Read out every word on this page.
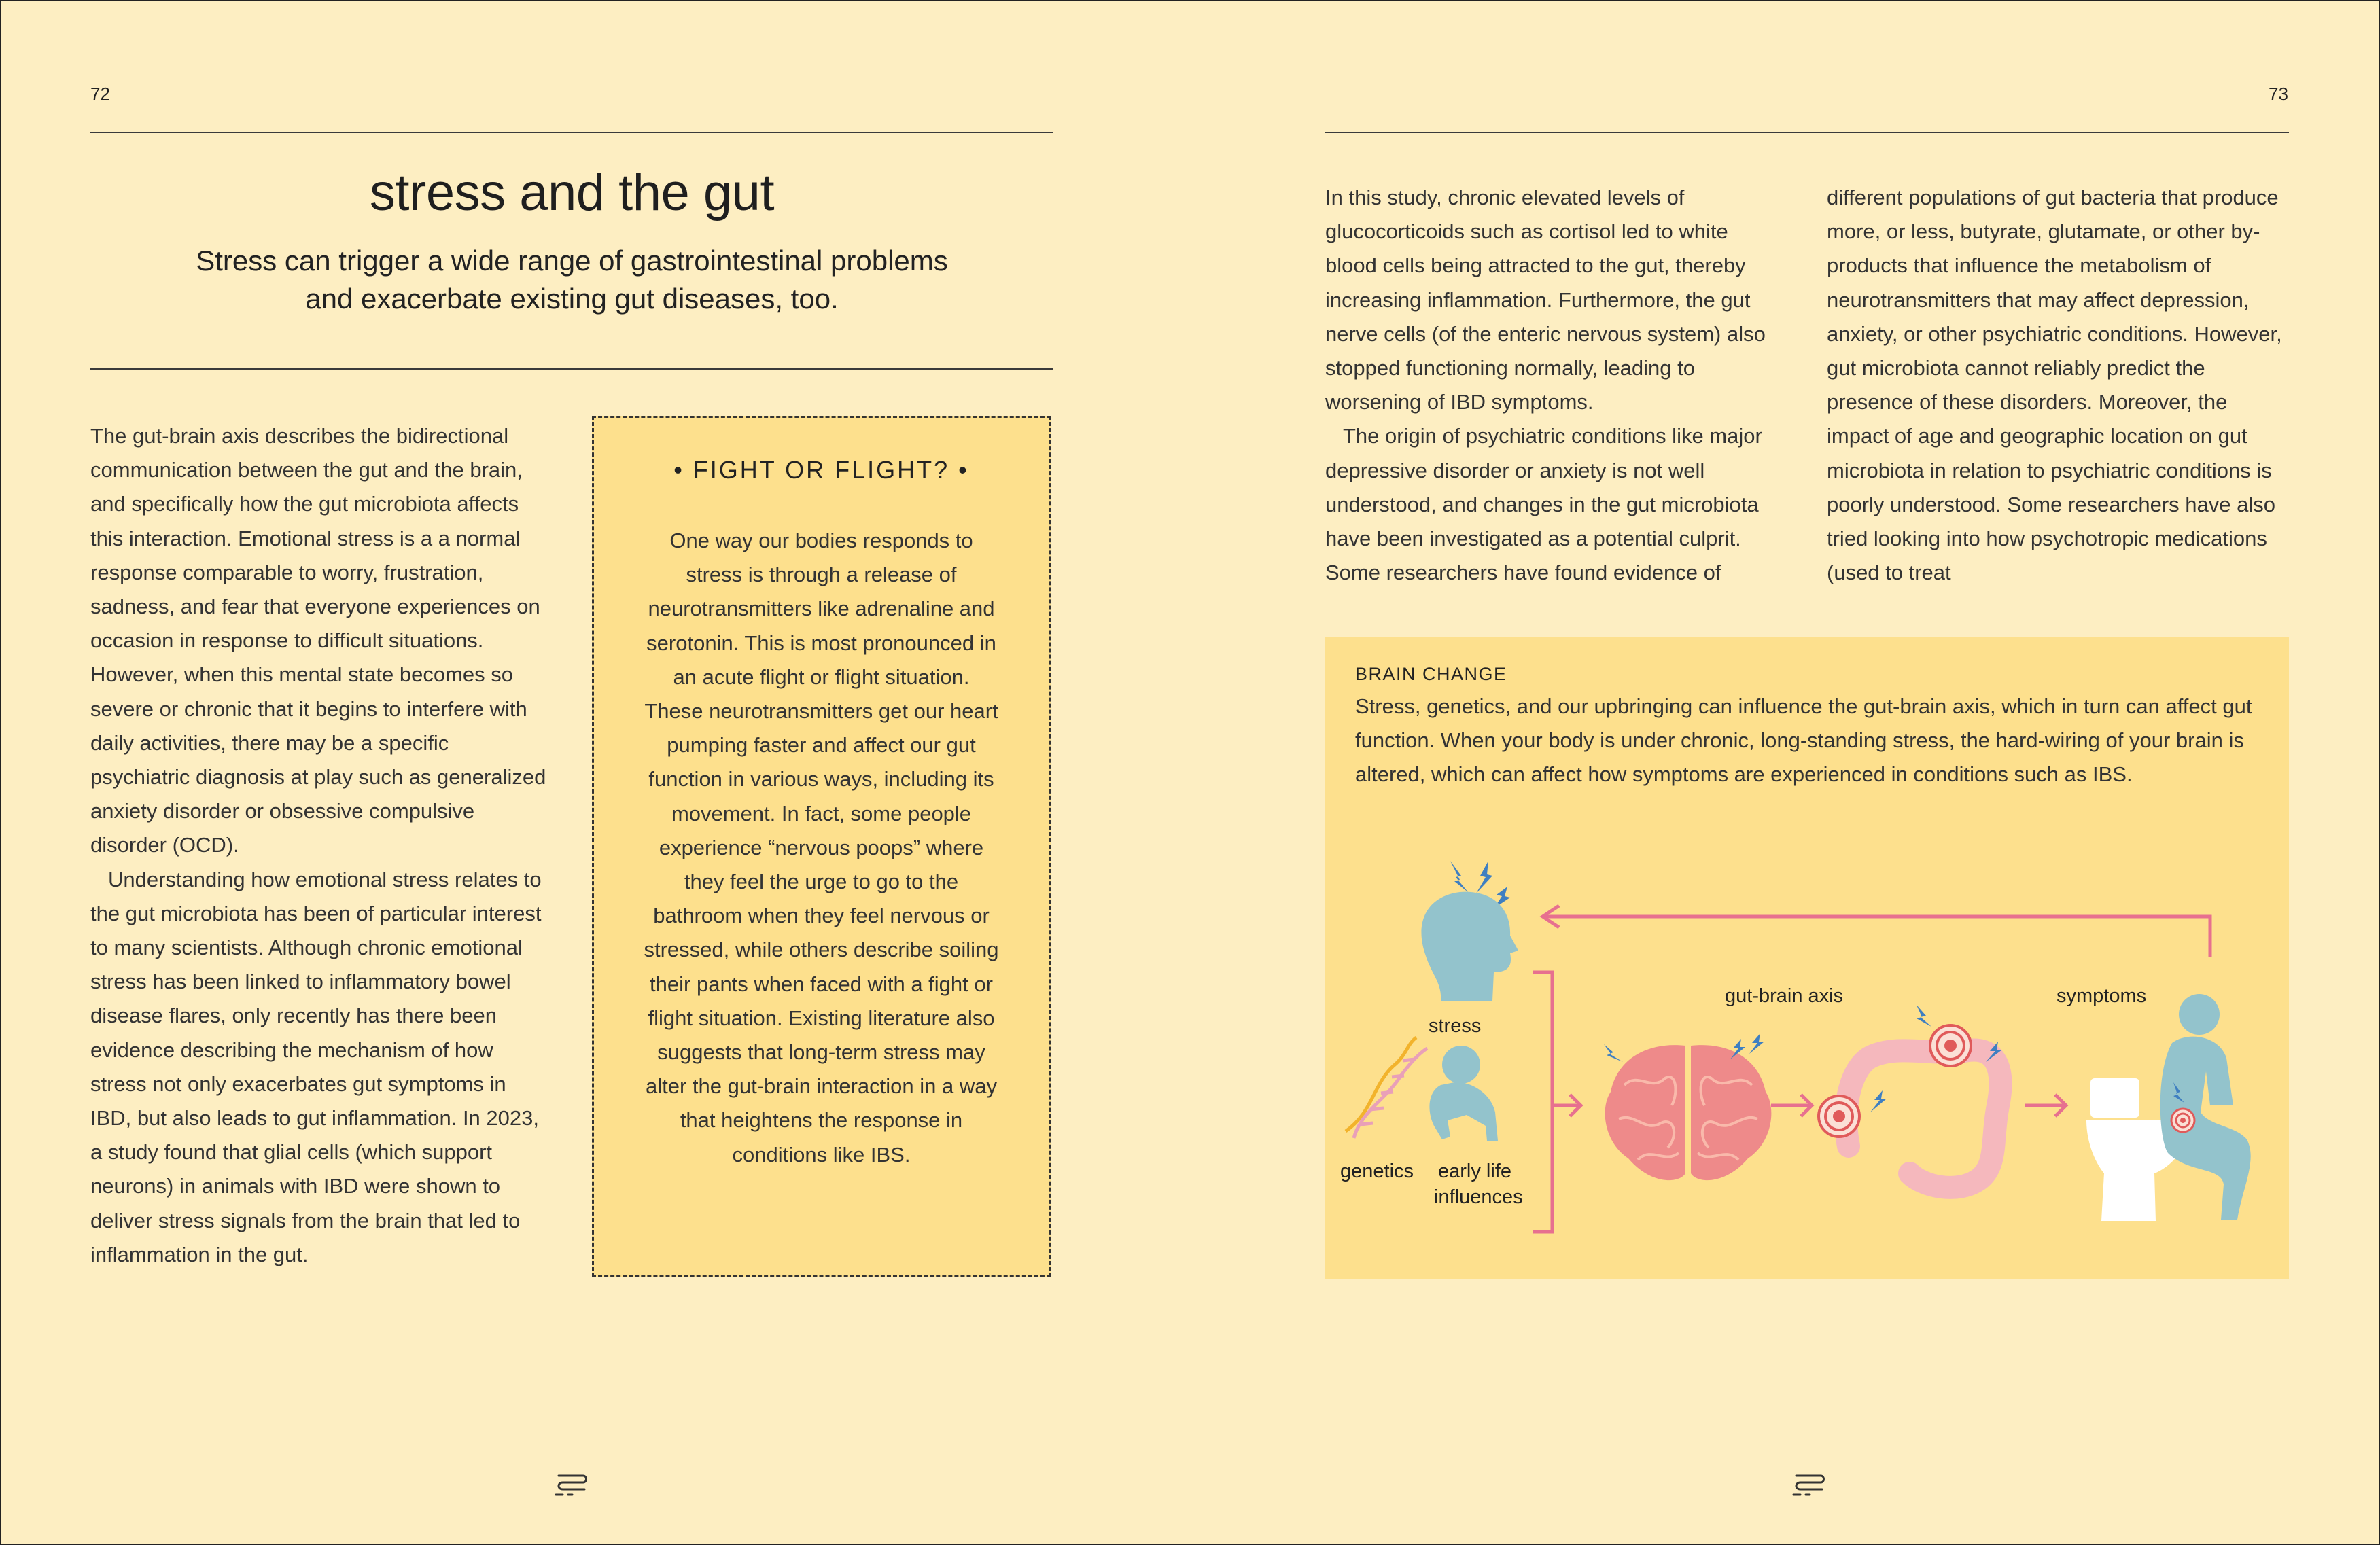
72
stress and the gut
Stress can trigger a wide range of gastrointestinal problems and exacerbate existing gut diseases, too.

The gut-brain axis describes the bidirectional communication between the gut and the brain, and specifically how the gut microbiota affects this interaction. Emotional stress is a a normal response comparable to worry, frustration, sadness, and fear that everyone experiences on occasion in response to difficult situations. However, when this mental state becomes so severe or chronic that it begins to interfere with daily activities, there may be a specific psychiatric diagnosis at play such as generalized anxiety disorder or obsessive compulsive disorder (OCD).

Understanding how emotional stress relates to the gut microbiota has been of particular interest to many scientists. Although chronic emotional stress has been linked to inflammatory bowel disease flares, only recently has there been evidence describing the mechanism of how stress not only exacerbates gut symptoms in IBD, but also leads to gut inflammation. In 2023, a study found that glial cells (which support neurons) in animals with IBD were shown to deliver stress signals from the brain that led to inflammation in the gut.

• FIGHT OR FLIGHT? •
One way our bodies responds to stress is through a release of neurotransmitters like adrenaline and serotonin. This is most pronounced in an acute flight or flight situation. These neurotransmitters get our heart pumping faster and affect our gut function in various ways, including its movement. In fact, some people experience “nervous poops” where they feel the urge to go to the bathroom when they feel nervous or stressed, while others describe soiling their pants when faced with a fight or flight situation. Existing literature also suggests that long-term stress may alter the gut-brain interaction in a way that heightens the response in conditions like IBS.
73

In this study, chronic elevated levels of glucocorticoids such as cortisol led to white blood cells being attracted to the gut, thereby increasing inflammation. Furthermore, the gut nerve cells (of the enteric nervous system) also stopped functioning normally, leading to worsening of IBD symptoms.

The origin of psychiatric conditions like major depressive disorder or anxiety is not well understood, and changes in the gut microbiota have been investigated as a potential culprit. Some researchers have found evidence of

different populations of gut bacteria that produce more, or less, butyrate, glutamate, or other by-products that influence the metabolism of neurotransmitters that may affect depression, anxiety, or other psychiatric conditions. However, gut microbiota cannot reliably predict the presence of these disorders. Moreover, the impact of age and geographic location on gut microbiota in relation to psychiatric conditions is poorly understood. Some researchers have also tried looking into how psychotropic medications (used to treat

BRAIN CHANGE
Stress, genetics, and our upbringing can influence the gut-brain axis, which in turn can affect gut function. When your body is under chronic, long-standing stress, the hard-wiring of your brain is altered, which can affect how symptoms are experienced in conditions such as IBS.
stress
genetics early life
influences
gut-brain axis	symptoms
